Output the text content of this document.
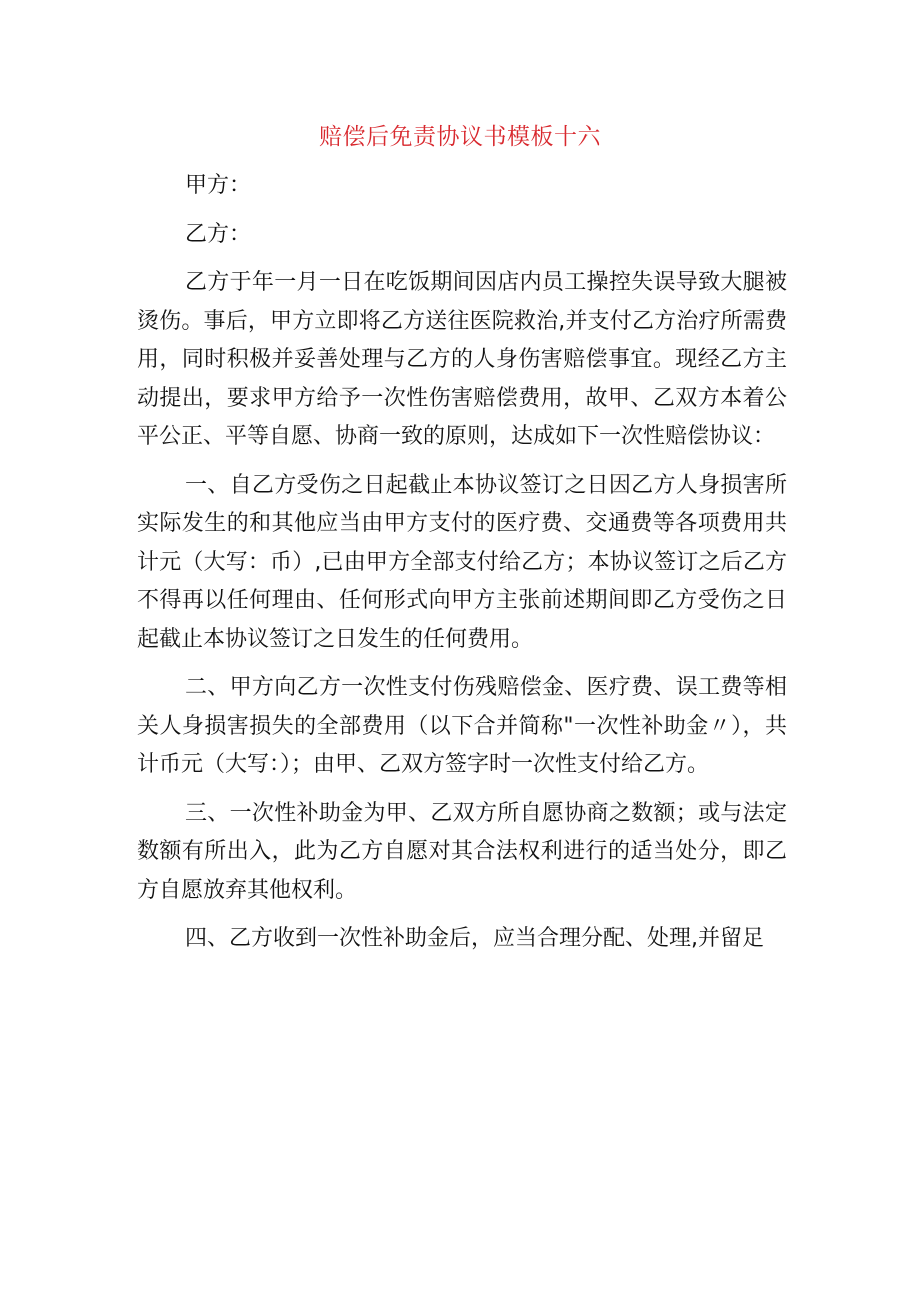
赔偿后免责协议书模板十六

甲方：

乙方：

乙方于年一月一日在吃饭期间因店内员工操控失误导致大腿被烫伤。事后，甲方立即将乙方送往医院救治,并支付乙方治疗所需费用，同时积极并妥善处理与乙方的人身伤害赔偿事宜。现经乙方主动提出，要求甲方给予一次性伤害赔偿费用，故甲、乙双方本着公平公正、平等自愿、协商一致的原则，达成如下一次性赔偿协议：

一、自乙方受伤之日起截止本协议签订之日因乙方人身损害所实际发生的和其他应当由甲方支付的医疗费、交通费等各项费用共计元（大写：币）,已由甲方全部支付给乙方；本协议签订之后乙方不得再以任何理由、任何形式向甲方主张前述期间即乙方受伤之日起截止本协议签订之日发生的任何费用。

二、甲方向乙方一次性支付伤残赔偿金、医疗费、误工费等相关人身损害损失的全部费用（以下合并简称"一次性补助金〃），共计币元（大写：）；由甲、乙双方签字时一次性支付给乙方。

三、一次性补助金为甲、乙双方所自愿协商之数额；或与法定数额有所出入，此为乙方自愿对其合法权利进行的适当处分，即乙方自愿放弃其他权利。

四、乙方收到一次性补助金后，应当合理分配、处理,并留足
